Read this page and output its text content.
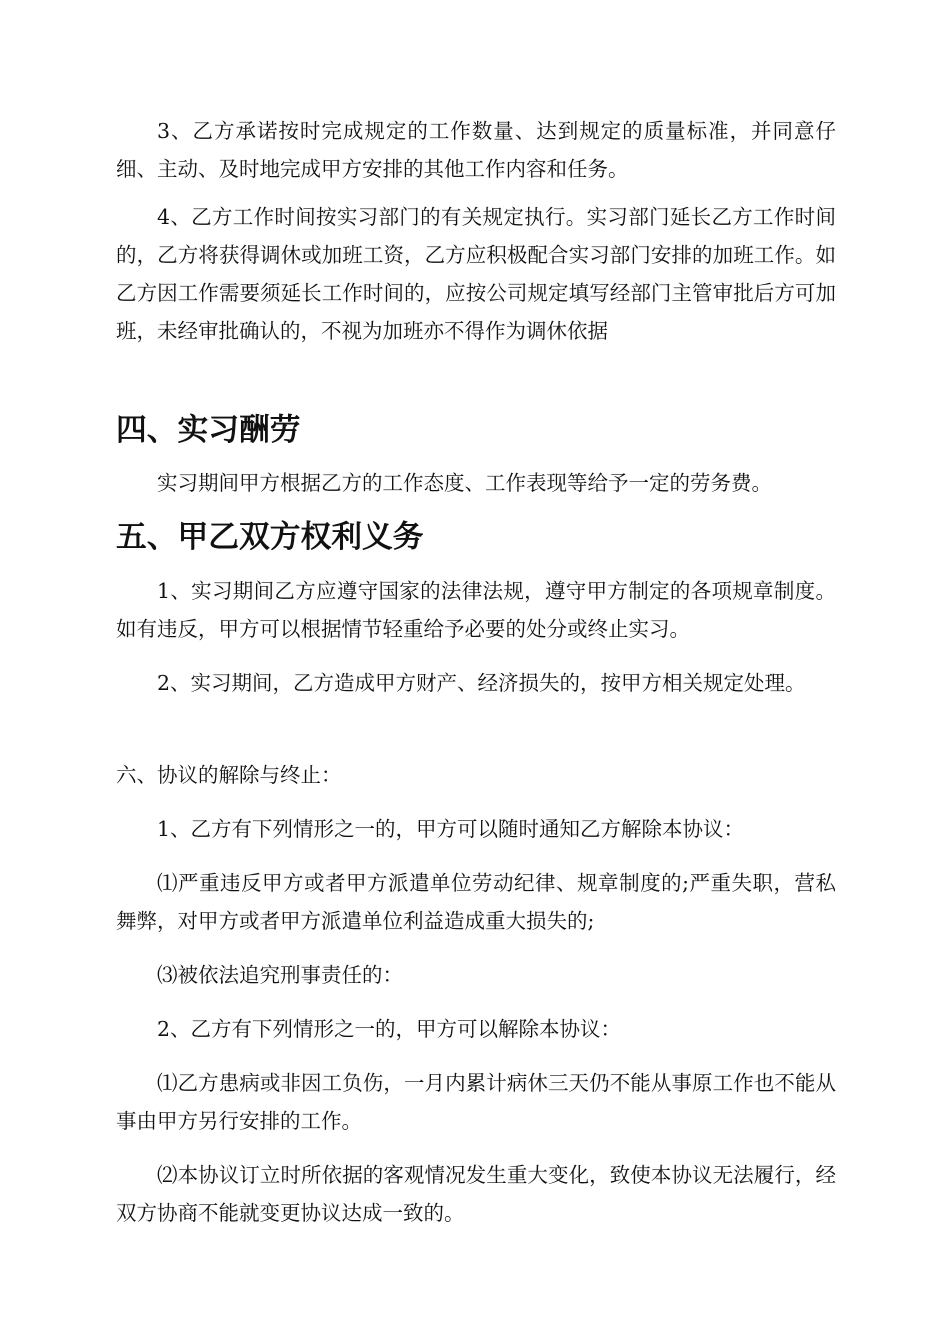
3、乙方承诺按时完成规定的工作数量、达到规定的质量标准，并同意仔细、主动、及时地完成甲方安排的其他工作内容和任务。

4、乙方工作时间按实习部门的有关规定执行。实习部门延长乙方工作时间的，乙方将获得调休或加班工资，乙方应积极配合实习部门安排的加班工作。如乙方因工作需要须延长工作时间的，应按公司规定填写经部门主管审批后方可加班，未经审批确认的，不视为加班亦不得作为调休依据

四、实习酬劳

实习期间甲方根据乙方的工作态度、工作表现等给予一定的劳务费。

五、甲乙双方权利义务

1、实习期间乙方应遵守国家的法律法规，遵守甲方制定的各项规章制度。如有违反，甲方可以根据情节轻重给予必要的处分或终止实习。

2、实习期间，乙方造成甲方财产、经济损失的，按甲方相关规定处理。

六、协议的解除与终止：

1、乙方有下列情形之一的，甲方可以随时通知乙方解除本协议：

⑴严重违反甲方或者甲方派遣单位劳动纪律、规章制度的;严重失职，营私舞弊，对甲方或者甲方派遣单位利益造成重大损失的;

⑶被依法追究刑事责任的：

2、乙方有下列情形之一的，甲方可以解除本协议：

⑴乙方患病或非因工负伤，一月内累计病休三天仍不能从事原工作也不能从事由甲方另行安排的工作。

⑵本协议订立时所依据的客观情况发生重大变化，致使本协议无法履行，经双方协商不能就变更协议达成一致的。
